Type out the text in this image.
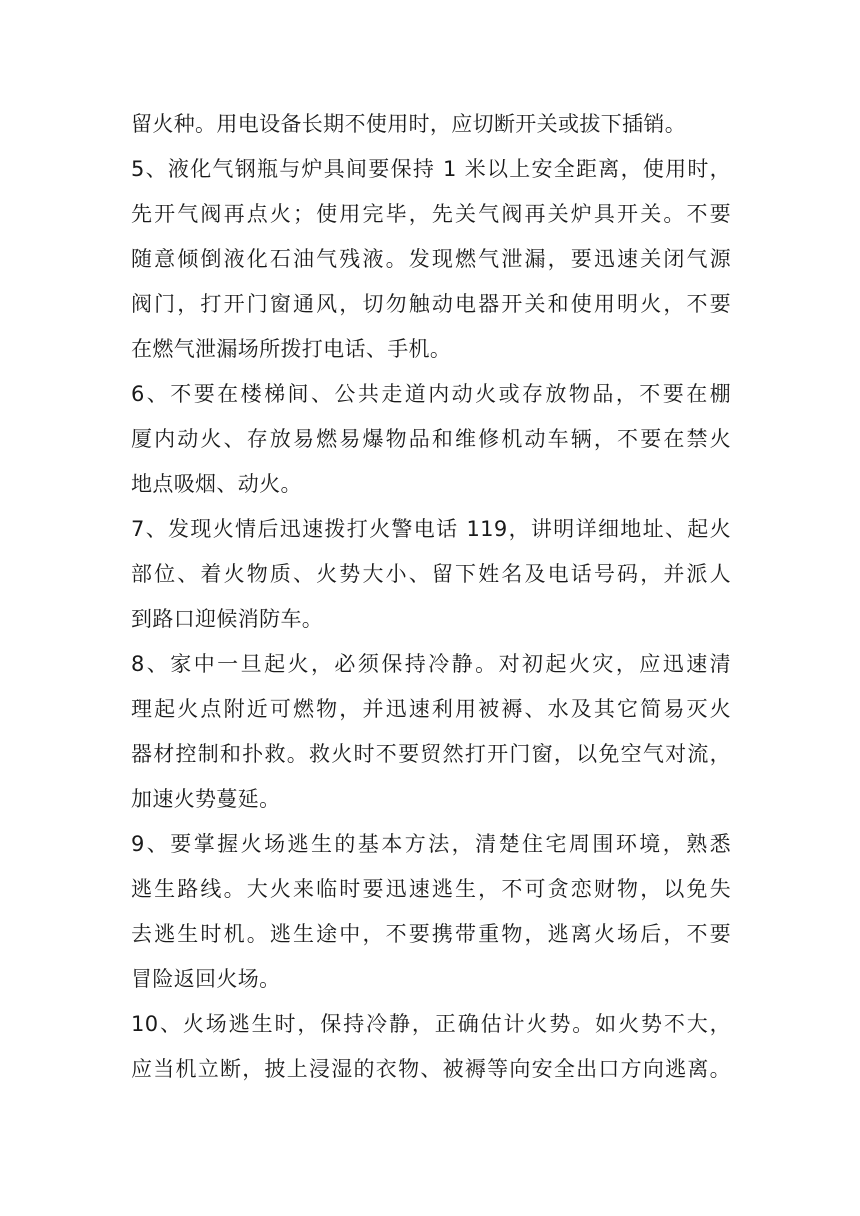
留火种。用电设备长期不使用时，应切断开关或拔下插销。
5、液化气钢瓶与炉具间要保持 1 米以上安全距离，使用时，
先开气阀再点火；使用完毕，先关气阀再关炉具开关。不要
随意倾倒液化石油气残液。发现燃气泄漏，要迅速关闭气源
阀门，打开门窗通风，切勿触动电器开关和使用明火，不要
在燃气泄漏场所拨打电话、手机。
6、不要在楼梯间、公共走道内动火或存放物品，不要在棚
厦内动火、存放易燃易爆物品和维修机动车辆，不要在禁火
地点吸烟、动火。
7、发现火情后迅速拨打火警电话 119，讲明详细地址、起火
部位、着火物质、火势大小、留下姓名及电话号码，并派人
到路口迎候消防车。
8、家中一旦起火，必须保持冷静。对初起火灾，应迅速清
理起火点附近可燃物，并迅速利用被褥、水及其它简易灭火
器材控制和扑救。救火时不要贸然打开门窗，以免空气对流，
加速火势蔓延。
9、要掌握火场逃生的基本方法，清楚住宅周围环境，熟悉
逃生路线。大火来临时要迅速逃生，不可贪恋财物，以免失
去逃生时机。逃生途中，不要携带重物，逃离火场后，不要
冒险返回火场。
10、火场逃生时，保持冷静，正确估计火势。如火势不大，
应当机立断，披上浸湿的衣物、被褥等向安全出口方向逃离。
